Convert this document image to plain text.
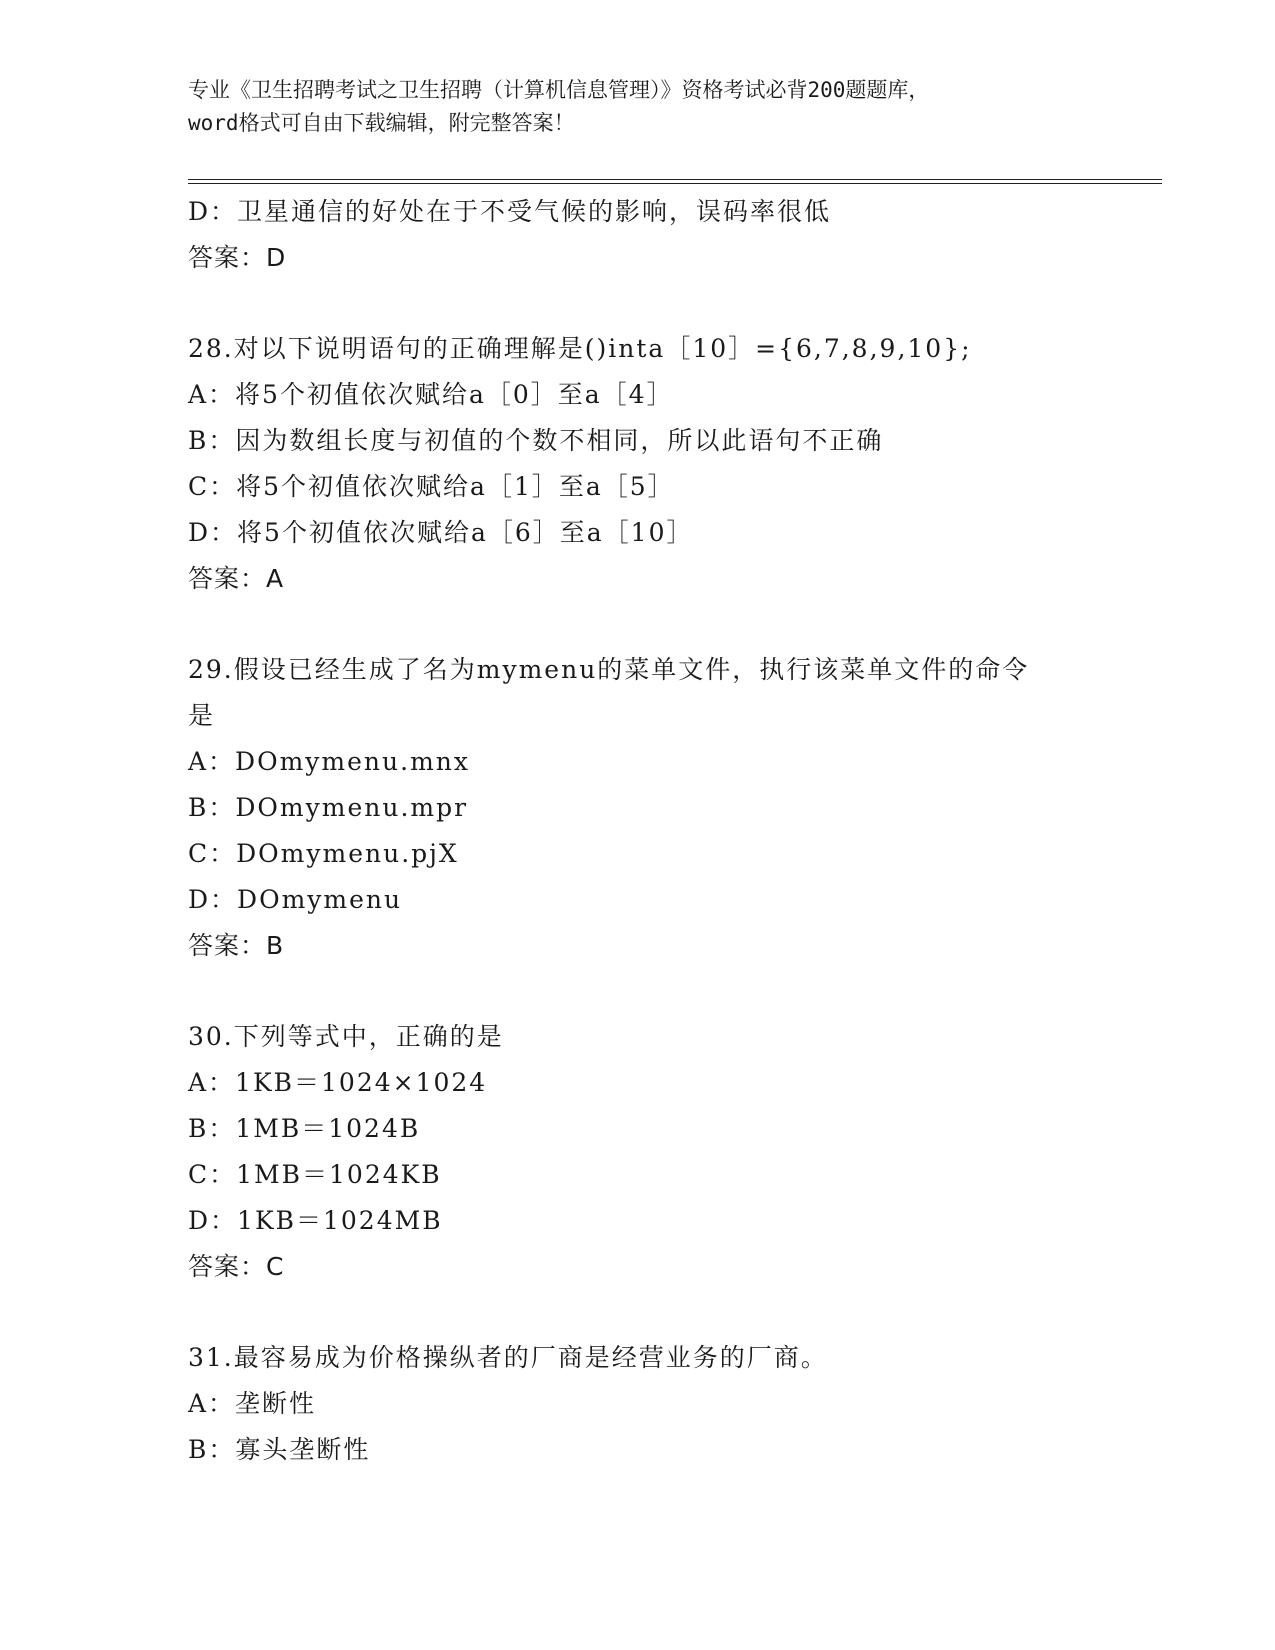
专业《卫生招聘考试之卫生招聘（计算机信息管理）》资格考试必背200题题库，
word格式可自由下载编辑，附完整答案！
D：卫星通信的好处在于不受气候的影响，误码率很低
答案：D
28.对以下说明语句的正确理解是()inta［10］={6,7,8,9,10};
A：将5个初值依次赋给a［0］至a［4］
B：因为数组长度与初值的个数不相同，所以此语句不正确
C：将5个初值依次赋给a［1］至a［5］
D：将5个初值依次赋给a［6］至a［10］
答案：A
29.假设已经生成了名为mymenu的菜单文件，执行该菜单文件的命令
是
A：DOmymenu.mnx
B：DOmymenu.mpr
C：DOmymenu.pjX
D：DOmymenu
答案：B
30.下列等式中，正确的是
A：1KB＝1024×1024
B：1MB＝1024B
C：1MB＝1024KB
D：1KB＝1024MB
答案：C
31.最容易成为价格操纵者的厂商是经营业务的厂商。
A：垄断性
B：寡头垄断性
